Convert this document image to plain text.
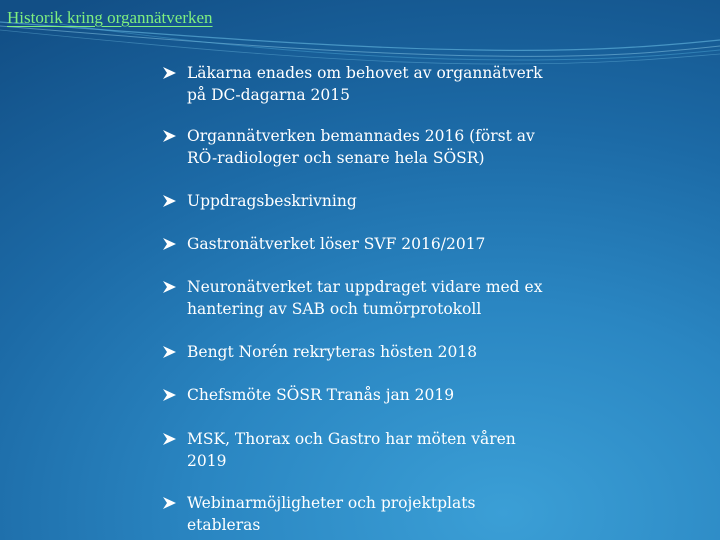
Historik kring organnätverken
Läkarna enades om behovet av organnätverk
på DC-dagarna 2015
Organnätverken bemannades 2016 (först av
RÖ-radiologer och senare hela SÖSR)
Uppdragsbeskrivning
Gastronätverket löser SVF 2016/2017
Neuronätverket tar uppdraget vidare med ex
hantering av SAB och tumörprotokoll
Bengt Norén rekryteras hösten 2018
Chefsmöte SÖSR Tranås jan 2019
MSK, Thorax och Gastro har möten våren
2019
Webinarmöjligheter och projektplats
etableras
